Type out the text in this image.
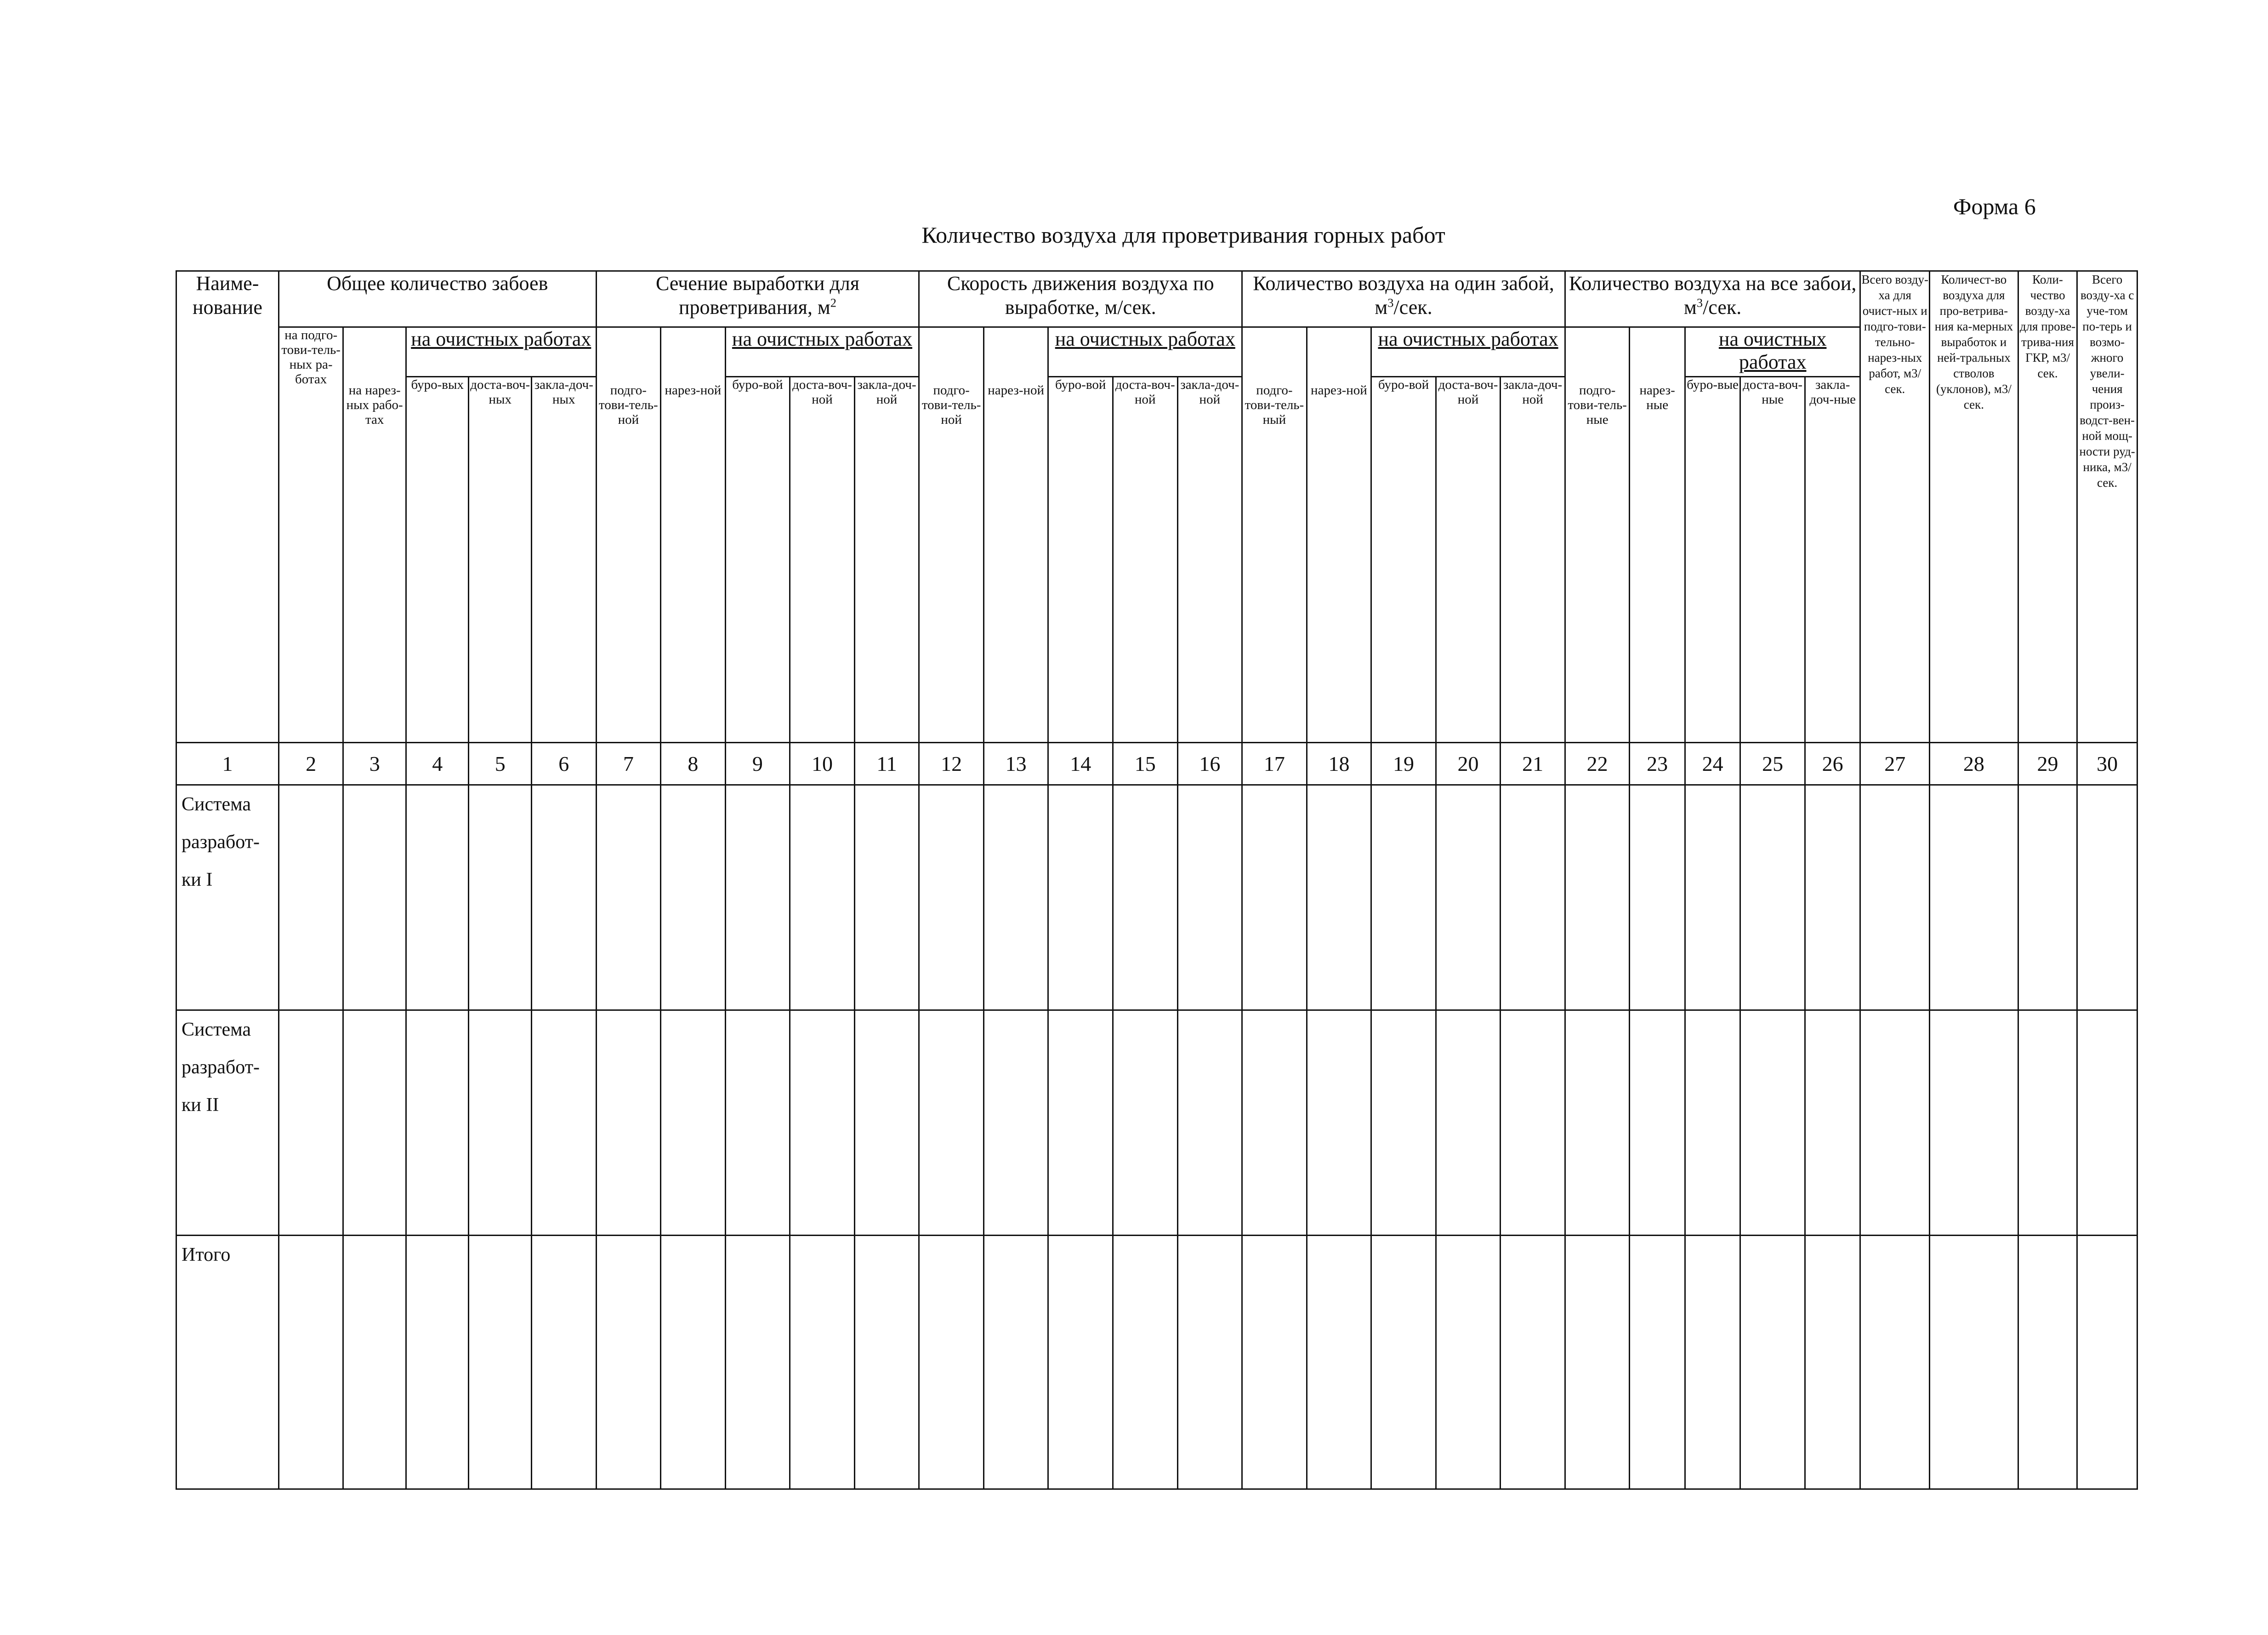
Форма 6
Количество воздуха для проветривания горных работ
Наиме-нование	Общее количество забоев					Сечение выработки для проветривания, $м^2$					Скорость движения воздуха по выработке, м/сек.					Количество воздуха на один забой, $м^3$/сек.					Количество воздуха на все забои, $м^3$/сек.					Всего возду-ха для очист-ных и подго-тови-тельно-нарез-ных работ, м3/сек.	Количест-во воздуха для про-ветрива-ния ка-мерных выработок и ней-тральных стволов (уклонов), м3/сек.	Коли-чество возду-ха для прове-трива-ния ГКР, м3/сек.	Всего возду-ха с уче-том по-терь и возмо-жного увели-чения произ-водст-вен-ной мощ-ности руд-ника, м3/сек.
	на подго-тови-тель-ных ра-ботах	на нарез-ных рабо-тах	на очистных работах			подго-тови-тель-ной	нарез-ной	на очистных работах			подго-тови-тель-ной	нарез-ной	на очистных работах			подго-тови-тель-ный	нарез-ной	на очистных работах			подго-тови-тель-ные	нарез-ные	на очистных работах						
			буро-вых	доста-воч-ных	закла-доч-ных			буро-вой	доста-воч-ной	закла-доч-ной			буро-вой	доста-воч-ной	закла-доч-ной			буро-вой	доста-воч-ной	закла-доч-ной			буро-вые	доста-воч-ные	закла-доч-ные				
1	2	3	4	5	6	7	8	9	10	11	12	13	14	15	16	17	18	19	20	21	22	23	24	25	26	27	28	29	30
Система разработ-ки I																													
Система разработ-ки II																													
Итого																													
